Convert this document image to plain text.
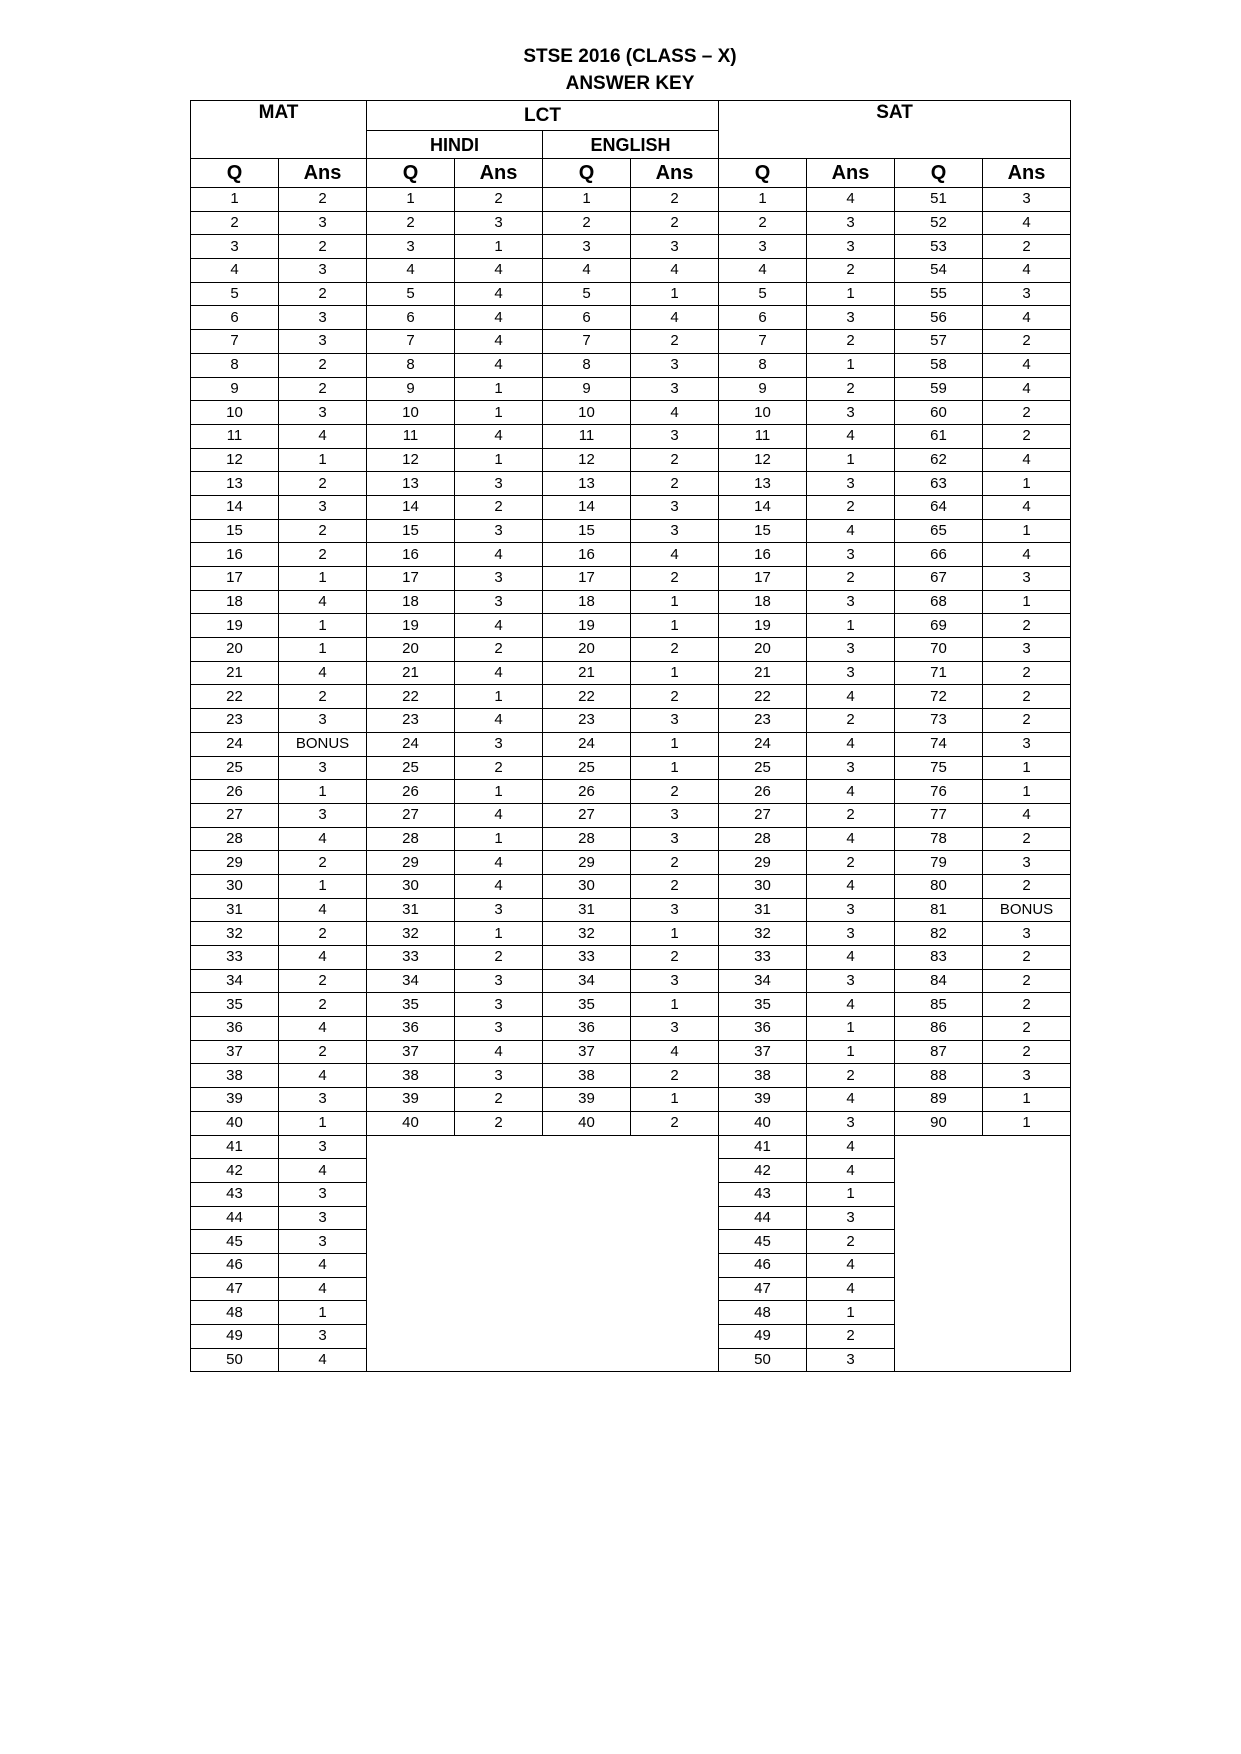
STSE 2016 (CLASS – X)
ANSWER KEY
MAT		LCT				SAT			
		HINDI		ENGLISH					
Q	Ans	Q	Ans	Q	Ans	Q	Ans	Q	Ans
1	2	1	2	1	2	1	4	51	3
2	3	2	3	2	2	2	3	52	4
3	2	3	1	3	3	3	3	53	2
4	3	4	4	4	4	4	2	54	4
5	2	5	4	5	1	5	1	55	3
6	3	6	4	6	4	6	3	56	4
7	3	7	4	7	2	7	2	57	2
8	2	8	4	8	3	8	1	58	4
9	2	9	1	9	3	9	2	59	4
10	3	10	1	10	4	10	3	60	2
11	4	11	4	11	3	11	4	61	2
12	1	12	1	12	2	12	1	62	4
13	2	13	3	13	2	13	3	63	1
14	3	14	2	14	3	14	2	64	4
15	2	15	3	15	3	15	4	65	1
16	2	16	4	16	4	16	3	66	4
17	1	17	3	17	2	17	2	67	3
18	4	18	3	18	1	18	3	68	1
19	1	19	4	19	1	19	1	69	2
20	1	20	2	20	2	20	3	70	3
21	4	21	4	21	1	21	3	71	2
22	2	22	1	22	2	22	4	72	2
23	3	23	4	23	3	23	2	73	2
24	BONUS	24	3	24	1	24	4	74	3
25	3	25	2	25	1	25	3	75	1
26	1	26	1	26	2	26	4	76	1
27	3	27	4	27	3	27	2	77	4
28	4	28	1	28	3	28	4	78	2
29	2	29	4	29	2	29	2	79	3
30	1	30	4	30	2	30	4	80	2
31	4	31	3	31	3	31	3	81	BONUS
32	2	32	1	32	1	32	3	82	3
33	4	33	2	33	2	33	4	83	2
34	2	34	3	34	3	34	3	84	2
35	2	35	3	35	1	35	4	85	2
36	4	36	3	36	3	36	1	86	2
37	2	37	4	37	4	37	1	87	2
38	4	38	3	38	2	38	2	88	3
39	3	39	2	39	1	39	4	89	1
40	1	40	2	40	2	40	3	90	1
41	3					41	4		
42	4					42	4		
43	3					43	1		
44	3					44	3		
45	3					45	2		
46	4					46	4		
47	4					47	4		
48	1					48	1		
49	3					49	2		
50	4					50	3		
